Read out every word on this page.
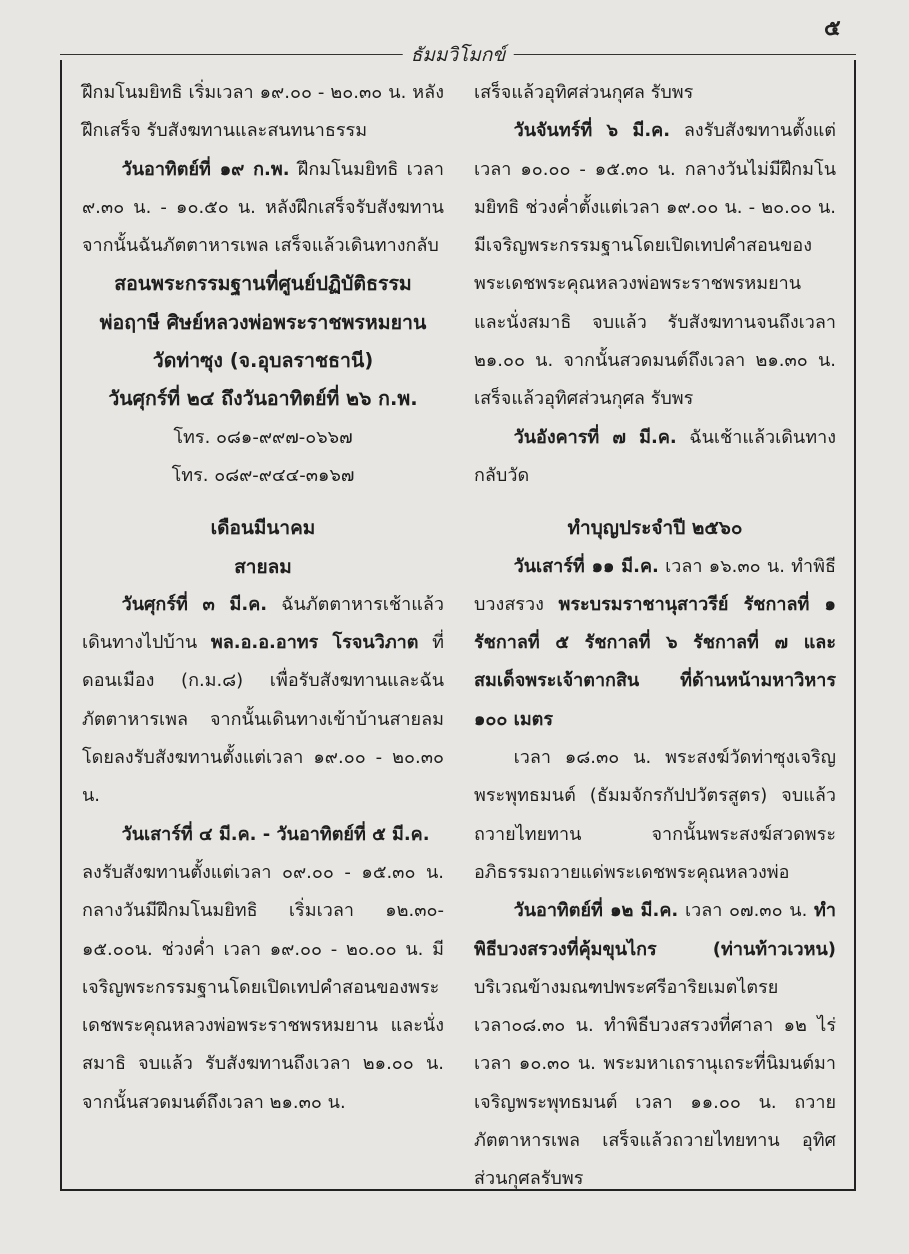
๕
ธัมมวิโมกข์

ฝึกมโนมยิทธิ เริ่มเวลา ๑๙.๐๐ - ๒๐.๓๐ น. หลังฝึกเสร็จ รับสังฆทานและสนทนาธรรม

วันอาทิตย์ที่ ๑๙ ก.พ. ฝึกมโนมยิทธิ เวลา ๙.๓๐ น. - ๑๐.๕๐ น. หลังฝึกเสร็จรับสังฆทาน จากนั้นฉันภัตตาหารเพล เสร็จแล้วเดินทางกลับ

สอนพระกรรมฐานที่ศูนย์ปฏิบัติธรรม

พ่อฤาษี ศิษย์หลวงพ่อพระราชพรหมยาน

วัดท่าซุง (จ.อุบลราชธานี)

วันศุกร์ที่ ๒๔ ถึงวันอาทิตย์ที่ ๒๖ ก.พ.

โทร. ๐๘๑-๙๙๗-๐๖๖๗

โทร. ๐๘๙-๙๔๔-๓๑๖๗

เดือนมีนาคม

สายลม

วันศุกร์ที่ ๓ มี.ค. ฉันภัตตาหารเช้าแล้วเดินทางไปบ้าน พล.อ.อ.อาทร โรจนวิภาต ที่ดอนเมือง (ก.ม.๘) เพื่อรับสังฆทานและฉันภัตตาหารเพล จากนั้นเดินทางเข้าบ้านสายลม โดยลงรับสังฆทานตั้งแต่เวลา ๑๙.๐๐ - ๒๐.๓๐ น.

วันเสาร์ที่ ๔ มี.ค. - วันอาทิตย์ที่ ๕ มี.ค.

ลงรับสังฆทานตั้งแต่เวลา ๐๙.๐๐ - ๑๕.๓๐ น. กลางวันมีฝึกมโนมยิทธิ เริ่มเวลา ๑๒.๓๐- ๑๕.๐๐น. ช่วงค่ำ เวลา ๑๙.๐๐ - ๒๐.๐๐ น. มีเจริญพระกรรมฐานโดยเปิดเทปคำสอนของพระเดชพระคุณหลวงพ่อพระราชพรหมยาน และนั่งสมาธิ จบแล้ว รับสังฆทานถึงเวลา ๒๑.๐๐ น. จากนั้นสวดมนต์ถึงเวลา ๒๑.๓๐ น.

เสร็จแล้วอุทิศส่วนกุศล รับพร

วันจันทร์ที่ ๖ มี.ค. ลงรับสังฆทานตั้งแต่เวลา ๑๐.๐๐ - ๑๕.๓๐ น. กลางวันไม่มีฝึกมโนมยิทธิ ช่วงค่ำตั้งแต่เวลา ๑๙.๐๐ น. - ๒๐.๐๐ น. มีเจริญพระกรรมฐานโดยเปิดเทปคำสอนของพระเดชพระคุณหลวงพ่อพระราชพรหมยาน และนั่งสมาธิ จบแล้ว รับสังฆทานจนถึงเวลา ๒๑.๐๐ น. จากนั้นสวดมนต์ถึงเวลา ๒๑.๓๐ น. เสร็จแล้วอุทิศส่วนกุศล รับพร

วันอังคารที่ ๗ มี.ค. ฉันเช้าแล้วเดินทางกลับวัด

ทำบุญประจำปี ๒๕๖๐

วันเสาร์ที่ ๑๑ มี.ค. เวลา ๑๖.๓๐ น. ทำพิธีบวงสรวง พระบรมราชานุสาวรีย์ รัชกาลที่ ๑ รัชกาลที่ ๕ รัชกาลที่ ๖ รัชกาลที่ ๗ และ สมเด็จพระเจ้าตากสิน ที่ด้านหน้ามหาวิหาร ๑๐๐ เมตร

เวลา ๑๘.๓๐ น. พระสงฆ์วัดท่าซุงเจริญพระพุทธมนต์ (ธัมมจักรกัปปวัตรสูตร) จบแล้ว ถวายไทยทาน จากนั้นพระสงฆ์สวดพระอภิธรรมถวายแด่พระเดชพระคุณหลวงพ่อ

วันอาทิตย์ที่ ๑๒ มี.ค. เวลา ๐๗.๓๐ น. ทำพิธีบวงสรวงที่คุ้มขุนไกร (ท่านท้าวเวหน) บริเวณข้างมณฑปพระศรีอาริยเมตไตรย เวลา๐๘.๓๐ น. ทำพิธีบวงสรวงที่ศาลา ๑๒ ไร่ เวลา ๑๐.๓๐ น. พระมหาเถรานุเถระที่นิมนต์มาเจริญพระพุทธมนต์ เวลา ๑๑.๐๐ น. ถวายภัตตาหารเพล เสร็จแล้วถวายไทยทาน อุทิศส่วนกุศลรับพร
